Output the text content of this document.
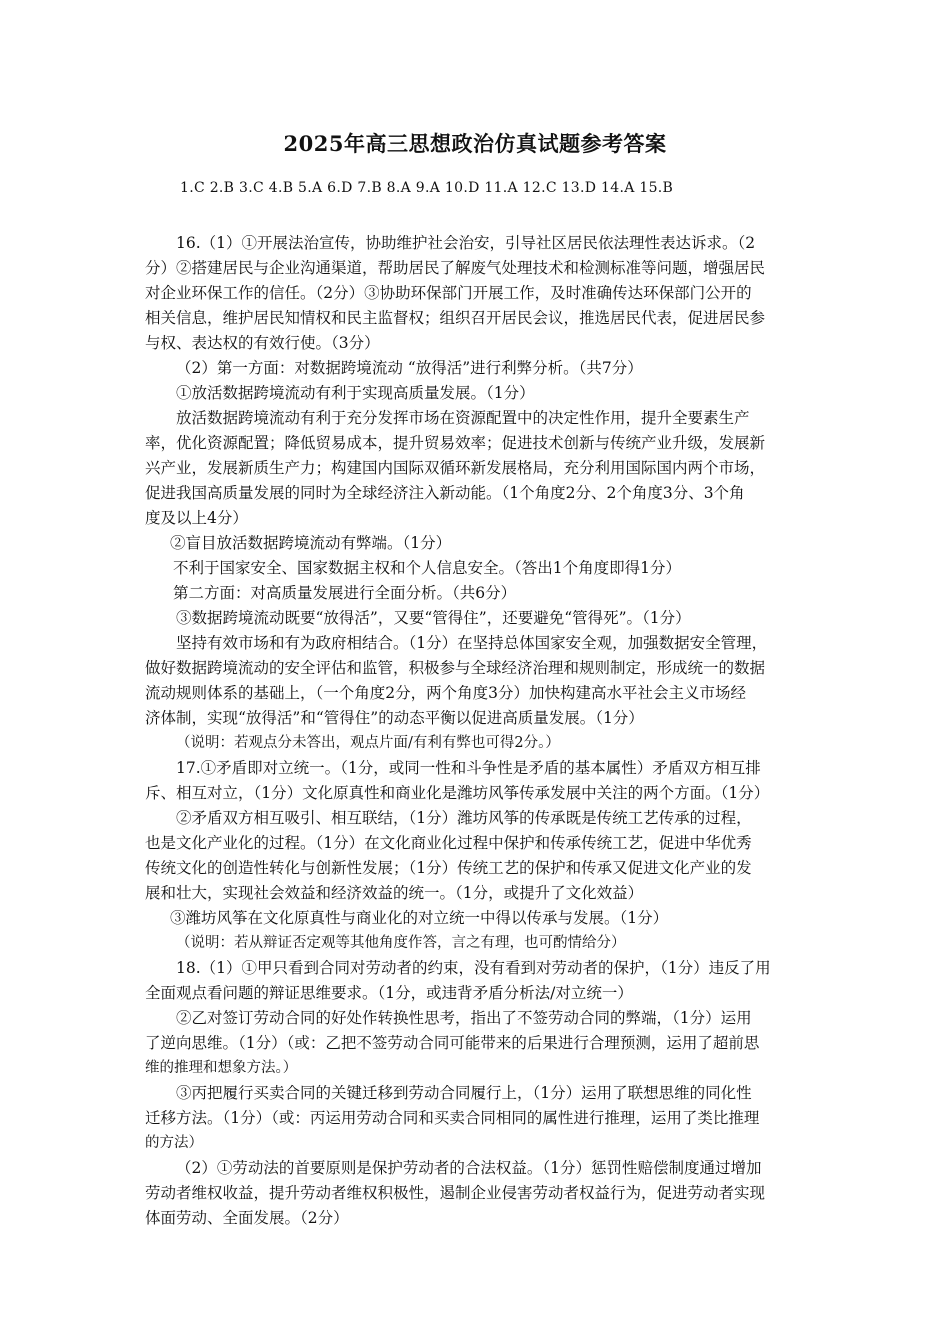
2025年高三思想政治仿真试题参考答案
1.C 2.B 3.C 4.B 5.A 6.D 7.B 8.A 9.A 10.D 11.A 12.C 13.D 14.A 15.B
16.（1）①开展法治宣传，协助维护社会治安，引导社区居民依法理性表达诉求。（2
分）②搭建居民与企业沟通渠道，帮助居民了解废气处理技术和检测标准等问题，增强居民
对企业环保工作的信任。（2分）③协助环保部门开展工作，及时准确传达环保部门公开的
相关信息，维护居民知情权和民主监督权；组织召开居民会议，推选居民代表，促进居民参
与权、表达权的有效行使。（3分）
（2）第一方面：对数据跨境流动 “放得活”进行利弊分析。（共7分）
①放活数据跨境流动有利于实现高质量发展。（1分）
放活数据跨境流动有利于充分发挥市场在资源配置中的决定性作用，提升全要素生产
率，优化资源配置；降低贸易成本，提升贸易效率；促进技术创新与传统产业升级，发展新
兴产业，发展新质生产力；构建国内国际双循环新发展格局，充分利用国际国内两个市场，
促进我国高质量发展的同时为全球经济注入新动能。（1个角度2分、2个角度3分、3个角
度及以上4分）
②盲目放活数据跨境流动有弊端。（1分）
不利于国家安全、国家数据主权和个人信息安全。（答出1个角度即得1分）
第二方面：对高质量发展进行全面分析。（共6分）
③数据跨境流动既要“放得活”，又要“管得住”，还要避免“管得死”。（1分）
坚持有效市场和有为政府相结合。（1分）在坚持总体国家安全观，加强数据安全管理，
做好数据跨境流动的安全评估和监管，积极参与全球经济治理和规则制定，形成统一的数据
流动规则体系的基础上，（一个角度2分，两个角度3分）加快构建高水平社会主义市场经
济体制，实现“放得活”和“管得住”的动态平衡以促进高质量发展。（1分）
（说明：若观点分未答出，观点片面/有利有弊也可得2分。）
17.①矛盾即对立统一。（1分，或同一性和斗争性是矛盾的基本属性）矛盾双方相互排
斥、相互对立，（1分）文化原真性和商业化是潍坊风筝传承发展中关注的两个方面。（1分）
②矛盾双方相互吸引、相互联结，（1分）潍坊风筝的传承既是传统工艺传承的过程，
也是文化产业化的过程。（1分）在文化商业化过程中保护和传承传统工艺，促进中华优秀
传统文化的创造性转化与创新性发展；（1分）传统工艺的保护和传承又促进文化产业的发
展和壮大，实现社会效益和经济效益的统一。（1分，或提升了文化效益）
③潍坊风筝在文化原真性与商业化的对立统一中得以传承与发展。（1分）
（说明：若从辩证否定观等其他角度作答，言之有理，也可酌情给分）
18.（1）①甲只看到合同对劳动者的约束，没有看到对劳动者的保护，（1分）违反了用
全面观点看问题的辩证思维要求。（1分，或违背矛盾分析法/对立统一）
②乙对签订劳动合同的好处作转换性思考，指出了不签劳动合同的弊端，（1分）运用
了逆向思维。（1分）（或：乙把不签劳动合同可能带来的后果进行合理预测，运用了超前思
维的推理和想象方法。）
③丙把履行买卖合同的关键迁移到劳动合同履行上，（1分）运用了联想思维的同化性
迁移方法。（1分）（或：丙运用劳动合同和买卖合同相同的属性进行推理，运用了类比推理
的方法）
（2）①劳动法的首要原则是保护劳动者的合法权益。（1分）惩罚性赔偿制度通过增加
劳动者维权收益，提升劳动者维权积极性，遏制企业侵害劳动者权益行为，促进劳动者实现
体面劳动、全面发展。（2分）
